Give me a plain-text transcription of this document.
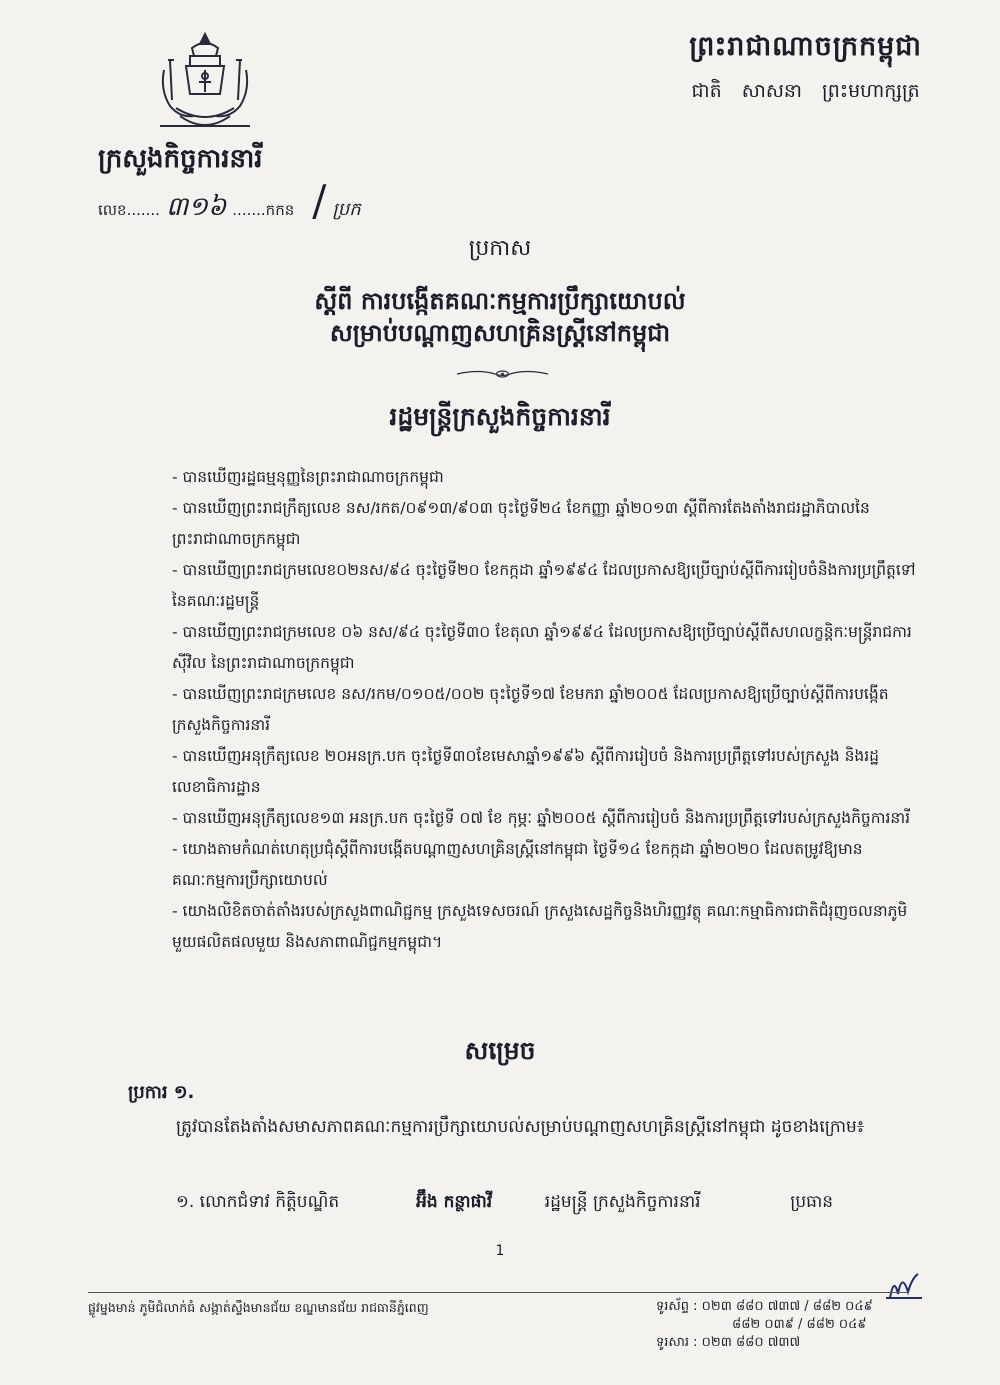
ព្រះរាជាណាចក្រកម្ពុជា
ជាតិ សាសនា ព្រះមហាក្សត្រ
ក្រសួងកិច្ចការនារី
លេខ ....... ៣១៦ ....... កកន / ប្រក
ប្រកាស
ស្តីពី ការបង្កើតគណៈកម្មការប្រឹក្សាយោបល់
សម្រាប់បណ្តាញសហគ្រិនស្រ្តីនៅកម្ពុជា
រដ្ឋមន្ត្រីក្រសួងកិច្ចការនារី
- បានឃើញរដ្ឋធម្មនុញ្ញនៃព្រះរាជាណាចក្រកម្ពុជា
- បានឃើញព្រះរាជក្រឹត្យលេខ នស/រកត/០៩១៣/៩០៣ ចុះថ្ងៃទី២៤ ខែកញ្ញា ឆ្នាំ២០១៣ ស្តីពីការតែងតាំងរាជរដ្ឋាភិបាលនៃព្រះរាជាណាចក្រកម្ពុជា
- បានឃើញព្រះរាជក្រមលេខ០២នស/៩៤ ចុះថ្ងៃទី២០ ខែកក្កដា ឆ្នាំ១៩៩៤ ដែលប្រកាសឱ្យប្រើច្បាប់ស្តីពីការរៀបចំនិងការប្រព្រឹត្តទៅនៃគណៈរដ្ឋមន្ត្រី
- បានឃើញព្រះរាជក្រមលេខ ០៦ នស/៩៤ ចុះថ្ងៃទី៣០ ខែតុលា ឆ្នាំ១៩៩៤ ដែលប្រកាសឱ្យប្រើច្បាប់ស្តីពីសហលក្ខន្តិកៈមន្ត្រីរាជការស៊ីវិល នៃព្រះរាជាណាចក្រកម្ពុជា
- បានឃើញព្រះរាជក្រមលេខ នស/រកម/០១០៥/០០២ ចុះថ្ងៃទី១៧ ខែមករា ឆ្នាំ២០០៥ ដែលប្រកាសឱ្យប្រើច្បាប់ស្តីពីការបង្កើតក្រសួងកិច្ចការនារី
- បានឃើញអនុក្រឹត្យលេខ ២០អនក្រ.បក ចុះថ្ងៃទី៣០ខែមេសាឆ្នាំ១៩៩៦ ស្តីពីការរៀបចំ និងការប្រព្រឹត្តទៅរបស់ក្រសួង និងរដ្ឋលេខាធិការដ្ឋាន
- បានឃើញអនុក្រឹត្យលេខ១៣ អនក្រ.បក ចុះថ្ងៃទី ០៧ ខែ កុម្ភៈ ឆ្នាំ២០០៥ ស្តីពីការរៀបចំ និងការប្រព្រឹត្តទៅរបស់ក្រសួងកិច្ចការនារី
- យោងតាមកំណត់ហេតុប្រជុំស្តីពីការបង្កើតបណ្តាញសហគ្រិនស្រ្តីនៅកម្ពុជា ថ្ងៃទី១៤ ខែកក្កដា ឆ្នាំ២០២០ ដែលតម្រូវឱ្យមានគណៈកម្មការប្រឹក្សាយោបល់
- យោងលិខិតចាត់តាំងរបស់ក្រសួងពាណិជ្ជកម្ម ក្រសួងទេសចរណ៍ ក្រសួងសេដ្ឋកិច្ចនិងហិរញ្ញវត្ថុ គណៈកម្មាធិការជាតិជំរុញចលនាភូមិមួយផលិតផលមួយ និងសភាពាណិជ្ជកម្មកម្ពុជា។
សម្រេច
ប្រការ ១.
ត្រូវបានតែងតាំងសមាសភាពគណៈកម្មការប្រឹក្សាយោបល់សម្រាប់បណ្តាញសហគ្រិនស្រ្តីនៅកម្ពុជា ដូចខាងក្រោម៖
១. លោកជំទាវ កិត្តិបណ្ឌិត	អ៊ឹង កន្ថាផាវី	រដ្ឋមន្ត្រី ក្រសួងកិច្ចការនារី	ប្រធាន
1
ផ្លូវម្នងមាន់ ភូមិជំលាក់ធំ សង្កាត់ស្ទឹងមានជ័យ ខណ្ឌមានជ័យ រាជធានីភ្នំពេញ	ទូរស័ព្ទ : ០២៣ ៨៨០ ៧៣៧ / ៨៨២ ០៤៩
៨៨២ ០៣៩ / ៨៨២ ០៤៩
ទូរសារ : ០២៣ ៨៨០ ៧៣៧
